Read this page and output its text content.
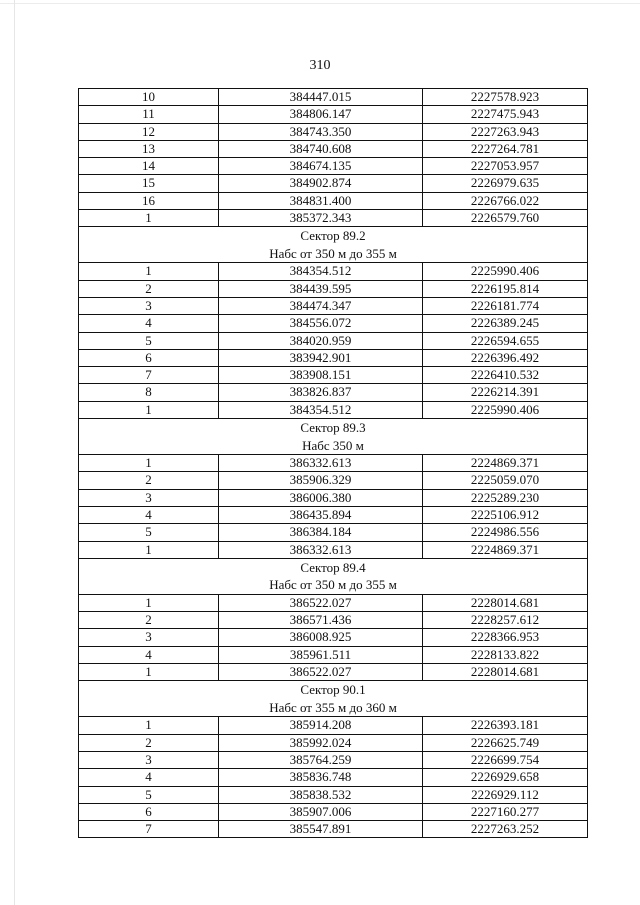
310
10	384447.015	2227578.923
11	384806.147	2227475.943
12	384743.350	2227263.943
13	384740.608	2227264.781
14	384674.135	2227053.957
15	384902.874	2226979.635
16	384831.400	2226766.022
1	385372.343	2226579.760

Сектор 89.2
Набс от 350 м до 355 м		

1	384354.512	2225990.406
2	384439.595	2226195.814
3	384474.347	2226181.774
4	384556.072	2226389.245
5	384020.959	2226594.655
6	383942.901	2226396.492
7	383908.151	2226410.532
8	383826.837	2226214.391
1	384354.512	2225990.406

Сектор 89.3
Набс 350 м		

1	386332.613	2224869.371
2	385906.329	2225059.070
3	386006.380	2225289.230
4	386435.894	2225106.912
5	386384.184	2224986.556
1	386332.613	2224869.371

Сектор 89.4
Набс от 350 м до 355 м		

1	386522.027	2228014.681
2	386571.436	2228257.612
3	386008.925	2228366.953
4	385961.511	2228133.822
1	386522.027	2228014.681

Сектор 90.1
Набс от 355 м до 360 м		

1	385914.208	2226393.181
2	385992.024	2226625.749
3	385764.259	2226699.754
4	385836.748	2226929.658
5	385838.532	2226929.112
6	385907.006	2227160.277
7	385547.891	2227263.252
